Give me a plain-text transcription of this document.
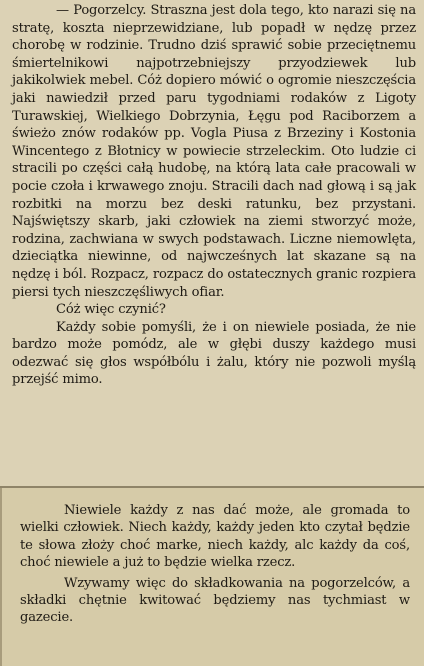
— Pogorzelcy. Straszna jest dola tego, kto narazi się na stratę, koszta nieprzewidziane, lub popadł w nędzę przez chorobę w rodzinie. Trudno dziś sprawić sobie przeciętnemu śmiertelnikowi najpotrzebniejszy przyodziewek lub jakikolwiek mebel. Cóż dopiero mówić o ogromie nieszczęścia jaki nawiedził przed paru tygodniami rodaków z Ligoty Turawskiej, Wielkiego Dobrzynia, Łęgu pod Raciborzem a świeżo znów rodaków pp. Vogla Piusa z Brzeziny i Kostonia Wincentego z Błotnicy w powiecie strzeleckim. Oto ludzie ci stracili po części całą hudobę, na którą lata całe pracowali w pocie czoła i krwawego znoju. Stracili dach nad głową i są jak rozbitki na morzu bez deski ratunku, bez przystani. Najświętszy skarb, jaki człowiek na ziemi stworzyć może, rodzina, zachwiana w swych podstawach. Liczne niemowlęta, dzieciątka niewinne, od najwcześnych lat skazane są na nędzę i ból. Rozpacz, rozpacz do ostatecznych granic rozpiera piersi tych nieszczęśliwych ofiar.

Cóż więc czynić?

Każdy sobie pomyśli, że i on niewiele posiada, że nie bardzo może pomódz, ale w głębi duszy każdego musi odezwać się głos współbólu i żalu, który nie pozwoli myślą przejść mimo.

Niewiele każdy z nas dać może, ale gromada to wielki człowiek. Niech każdy, każdy jeden kto czytał będzie te słowa złoży choć marke, niech każdy, alc każdy da coś, choć niewiele a już to będzie wielka rzecz.

Wzywamy więc do składkowania na pogorzelców, a składki chętnie kwitować będziemy nas tychmiast w gazecie.
